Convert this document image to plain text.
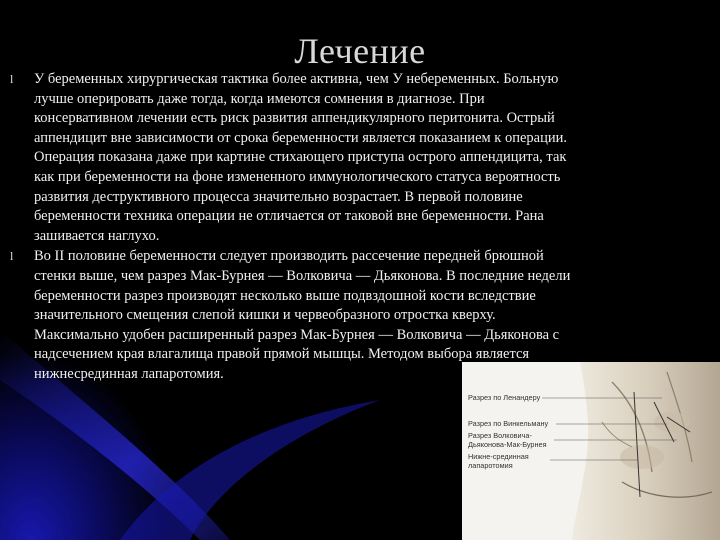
Лечение
l У беременных хирургическая тактика более активна, чем У небеременных. Больную
лучше оперировать даже тогда, когда имеются сомнения в диагнозе. При
консервативном лечении есть риск развития аппендикулярного перитонита. Острый
аппендицит вне зависимости от срока беременности является показанием к операции.
Операция показана даже при картине стихающего приступа острого аппендицита, так
как при беременности на фоне измененного иммунологического статуса вероятность
развития деструктивного процесса значительно возрастает. В первой половине
беременности техника операции не отличается от таковой вне беременности. Рана
зашивается наглухо.
l Во II половине беременности следует производить рассечение передней брюшной
стенки выше, чем разрез Мак-Бурнея — Волковича — Дьяконова. В последние недели
беременности разрез производят несколько выше подвздошной кости вследствие
значительного смещения слепой кишки и червеобразного отростка кверху.
Максимально удобен расширенный разрез Мак-Бурнея — Волковича — Дьяконова с
надсечением края влагалища правой прямой мышцы. Методом выбора является
нижнесрединная лапаротомия.
Разрез по Ленандеру
Разрез по Винкельману
Разрез Волковича-
Дьяконова-Мак-Бурнея
Нижне-срединная
лапаротомия
